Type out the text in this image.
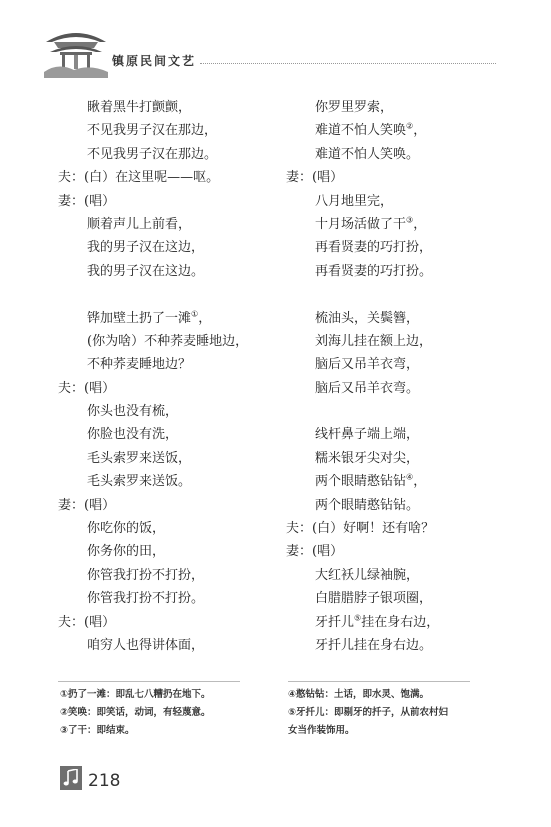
镇原民间文艺
瞅着黑牛打颤颤，
不见我男子汉在那边，
不见我男子汉在那边。
夫：(白）在这里呢——呕。
妻：(唱）
顺着声儿上前看，
我的男子汉在这边，
我的男子汉在这边。
铧加壁土扔了一滩①，
(你为啥）不种荞麦睡地边，
不种荞麦睡地边？
夫：(唱）
你头也没有梳，
你脸也没有洗，
毛头索罗来送饭，
毛头索罗来送饭。
妻：(唱）
你吃你的饭，
你务你的田，
你管我打扮不打扮，
你管我打扮不打扮。
夫：(唱）
咱穷人也得讲体面，
你罗里罗索，
难道不怕人笑唤②，
难道不怕人笑唤。
妻：(唱）
八月地里完，
十月场活做了干③，
再看贤妻的巧打扮，
再看贤妻的巧打扮。
梳油头，关鬓簪，
刘海儿挂在额上边，
脑后又吊羊衣弯，
脑后又吊羊衣弯。
线杆鼻子端上端，
糯米银牙尖对尖，
两个眼睛憨钻钻④，
两个眼睛憨钻钻。
夫：(白）好啊！还有啥？
妻：(唱）
大红袄儿绿袖腕，
白腊腊脖子银项圈，
牙扦儿⑤挂在身右边，
牙扦儿挂在身右边。
①扔了一滩：即乱七八糟扔在地下。
②笑唤：即笑话，动词，有轻蔑意。
③了干：即结束。
④憨钻钻：土话，即水灵、饱满。
⑤牙扦儿：即剔牙的扦子，从前农村妇
女当作装饰用。
218
